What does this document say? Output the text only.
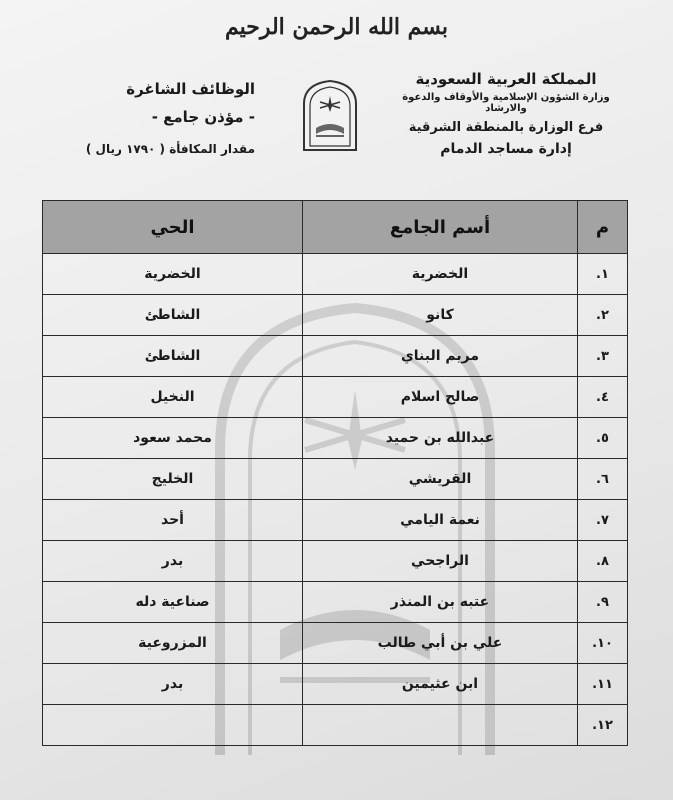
بسم الله الرحمن الرحيم
المملكة العربية السعودية
وزارة الشؤون الإسلامية والأوقاف والدعوة والارشاد
فرع الوزارة بالمنطقة الشرقية
إدارة مساجد الدمام
الوظائف الشاغرة
- مؤذن جامع -
مقدار المكافأة ( ١٧٩٠ ريال )
م	أسم الجامع	الحي
١.	الخضرية	الخضرية
٢.	كانو	الشاطئ
٣.	مريم البناي	الشاطئ
٤.	صالح اسلام	النخيل
٥.	عبدالله بن حميد	محمد سعود
٦.	القريشي	الخليج
٧.	نعمة اليامي	أحد
٨.	الراجحي	بدر
٩.	عتبه بن المنذر	صناعية دله
١٠.	علي بن أبي طالب	المزروعية
١١.	ابن عثيمين	بدر
١٢.		
